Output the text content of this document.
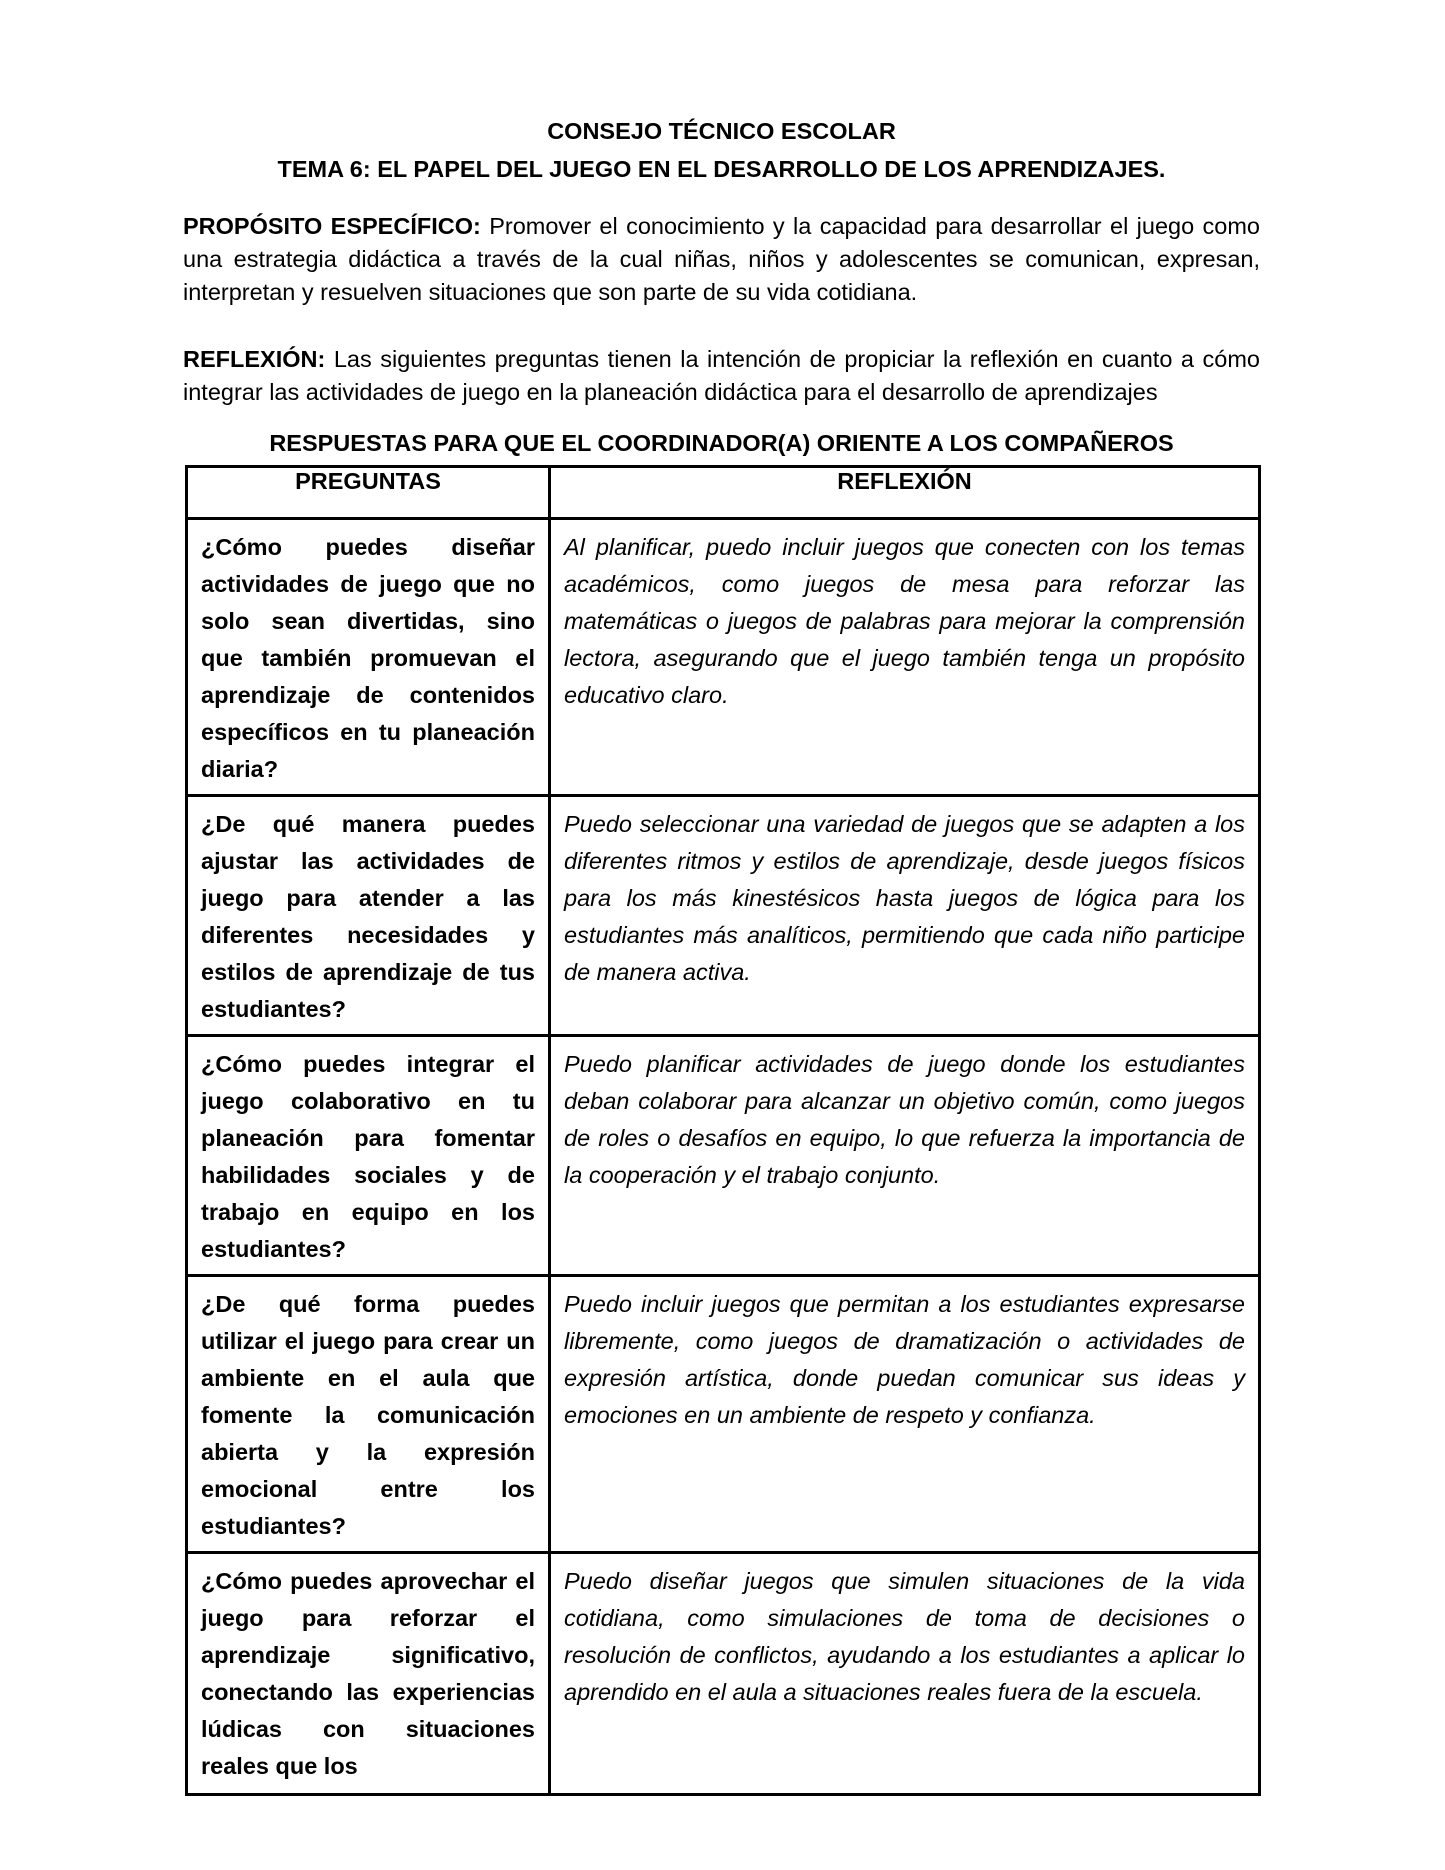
CONSEJO TÉCNICO ESCOLAR
TEMA 6: EL PAPEL DEL JUEGO EN EL DESARROLLO DE LOS APRENDIZAJES.

PROPÓSITO ESPECÍFICO: Promover el conocimiento y la capacidad para desarrollar el juego como una estrategia didáctica a través de la cual niñas, niños y adolescentes se comunican, expresan, interpretan y resuelven situaciones que son parte de su vida cotidiana.

REFLEXIÓN: Las siguientes preguntas tienen la intención de propiciar la reflexión en cuanto a cómo integrar las actividades de juego en la planeación didáctica para el desarrollo de aprendizajes

RESPUESTAS PARA QUE EL COORDINADOR(A) ORIENTE A LOS COMPAÑEROS
PREGUNTAS	REFLEXIÓN
¿Cómo puedes diseñar actividades de juego que no solo sean divertidas, sino que también promuevan el aprendizaje de contenidos específicos en tu planeación diaria?	Al planificar, puedo incluir juegos que conecten con los temas académicos, como juegos de mesa para reforzar las matemáticas o juegos de palabras para mejorar la comprensión lectora, asegurando que el juego también tenga un propósito educativo claro.
¿De qué manera puedes ajustar las actividades de juego para atender a las diferentes necesidades y estilos de aprendizaje de tus estudiantes?	Puedo seleccionar una variedad de juegos que se adapten a los diferentes ritmos y estilos de aprendizaje, desde juegos físicos para los más kinestésicos hasta juegos de lógica para los estudiantes más analíticos, permitiendo que cada niño participe de manera activa.
¿Cómo puedes integrar el juego colaborativo en tu planeación para fomentar habilidades sociales y de trabajo en equipo en los estudiantes?	Puedo planificar actividades de juego donde los estudiantes deban colaborar para alcanzar un objetivo común, como juegos de roles o desafíos en equipo, lo que refuerza la importancia de la cooperación y el trabajo conjunto.
¿De qué forma puedes utilizar el juego para crear un ambiente en el aula que fomente la comunicación abierta y la expresión emocional entre los estudiantes?	Puedo incluir juegos que permitan a los estudiantes expresarse libremente, como juegos de dramatización o actividades de expresión artística, donde puedan comunicar sus ideas y emociones en un ambiente de respeto y confianza.
¿Cómo puedes aprovechar el juego para reforzar el aprendizaje significativo, conectando las experiencias lúdicas con situaciones reales que los	Puedo diseñar juegos que simulen situaciones de la vida cotidiana, como simulaciones de toma de decisiones o resolución de conflictos, ayudando a los estudiantes a aplicar lo aprendido en el aula a situaciones reales fuera de la escuela.
